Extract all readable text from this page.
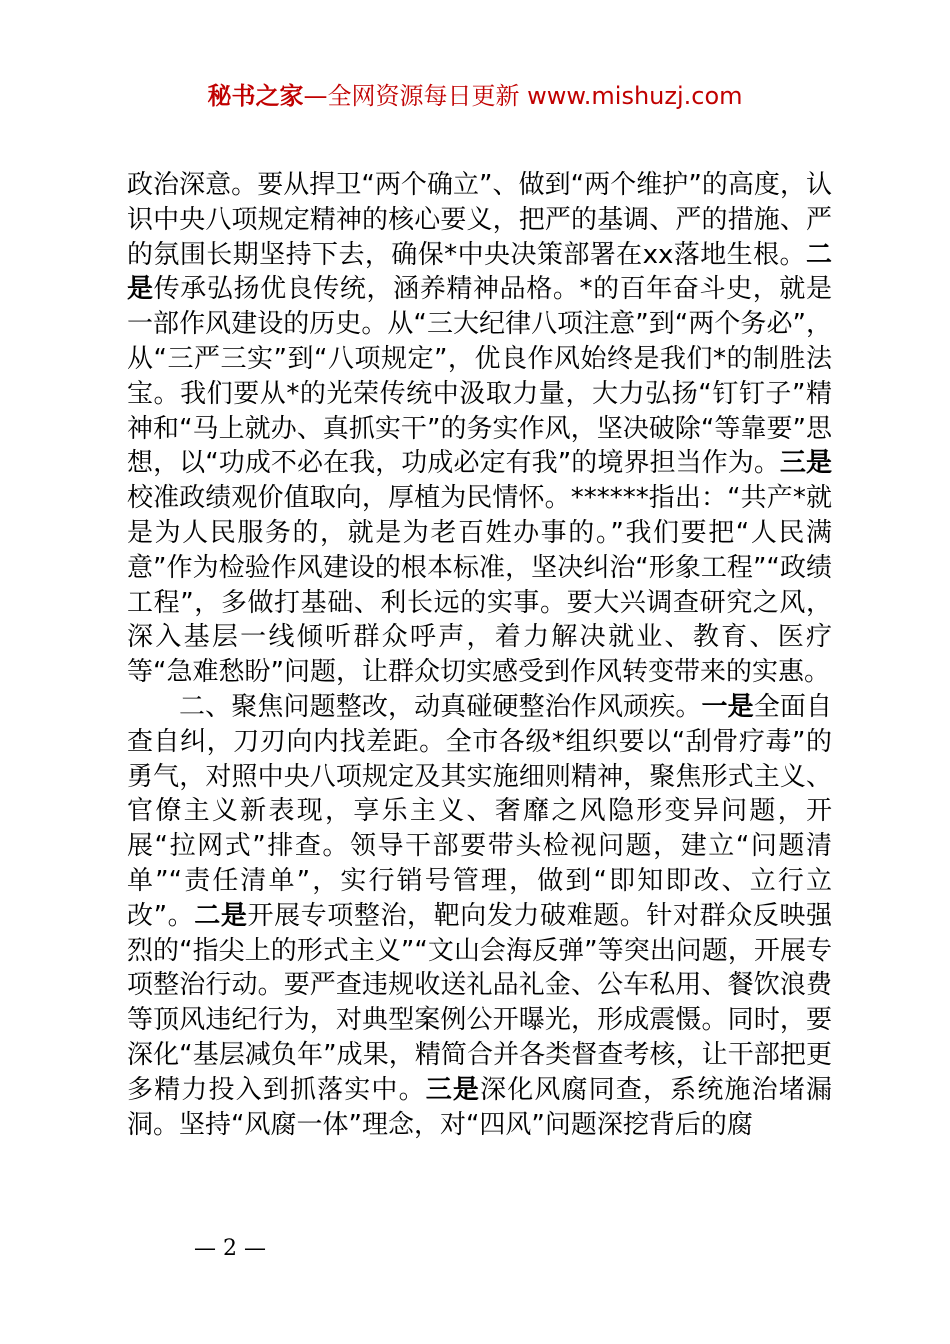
秘书之家—全网资源每日更新 www.mishuzj.com

政治深意。要从捍卫“两个确立”、做到“两个维护”的高度，认识中央八项规定精神的核心要义，把严的基调、严的措施、严的氛围长期坚持下去，确保*中央决策部署在xx落地生根。二是传承弘扬优良传统，涵养精神品格。*的百年奋斗史，就是一部作风建设的历史。从“三大纪律八项注意”到“两个务必”，从“三严三实”到“八项规定”，优良作风始终是我们*的制胜法宝。我们要从*的光荣传统中汲取力量，大力弘扬“钉钉子”精神和“马上就办、真抓实干”的务实作风，坚决破除“等靠要”思想，以“功成不必在我，功成必定有我”的境界担当作为。三是校准政绩观价值取向，厚植为民情怀。******指出：“共产*就是为人民服务的，就是为老百姓办事的。”我们要把“人民满意”作为检验作风建设的根本标准，坚决纠治“形象工程”“政绩工程”，多做打基础、利长远的实事。要大兴调查研究之风，深入基层一线倾听群众呼声，着力解决就业、教育、医疗等“急难愁盼”问题，让群众切实感受到作风转变带来的实惠。

二、聚焦问题整改，动真碰硬整治作风顽疾。一是全面自查自纠，刀刃向内找差距。全市各级*组织要以“刮骨疗毒”的勇气，对照中央八项规定及其实施细则精神，聚焦形式主义、官僚主义新表现，享乐主义、奢靡之风隐形变异问题，开展“拉网式”排查。领导干部要带头检视问题，建立“问题清单”“责任清单”，实行销号管理，做到“即知即改、立行立改”。二是开展专项整治，靶向发力破难题。针对群众反映强烈的“指尖上的形式主义”“文山会海反弹”等突出问题，开展专项整治行动。要严查违规收送礼品礼金、公车私用、餐饮浪费等顶风违纪行为，对典型案例公开曝光，形成震慑。同时，要深化“基层减负年”成果，精简合并各类督查考核，让干部把更多精力投入到抓落实中。三是深化风腐同查，系统施治堵漏洞。坚持“风腐一体”理念，对“四风”问题深挖背后的腐

— 2 —
